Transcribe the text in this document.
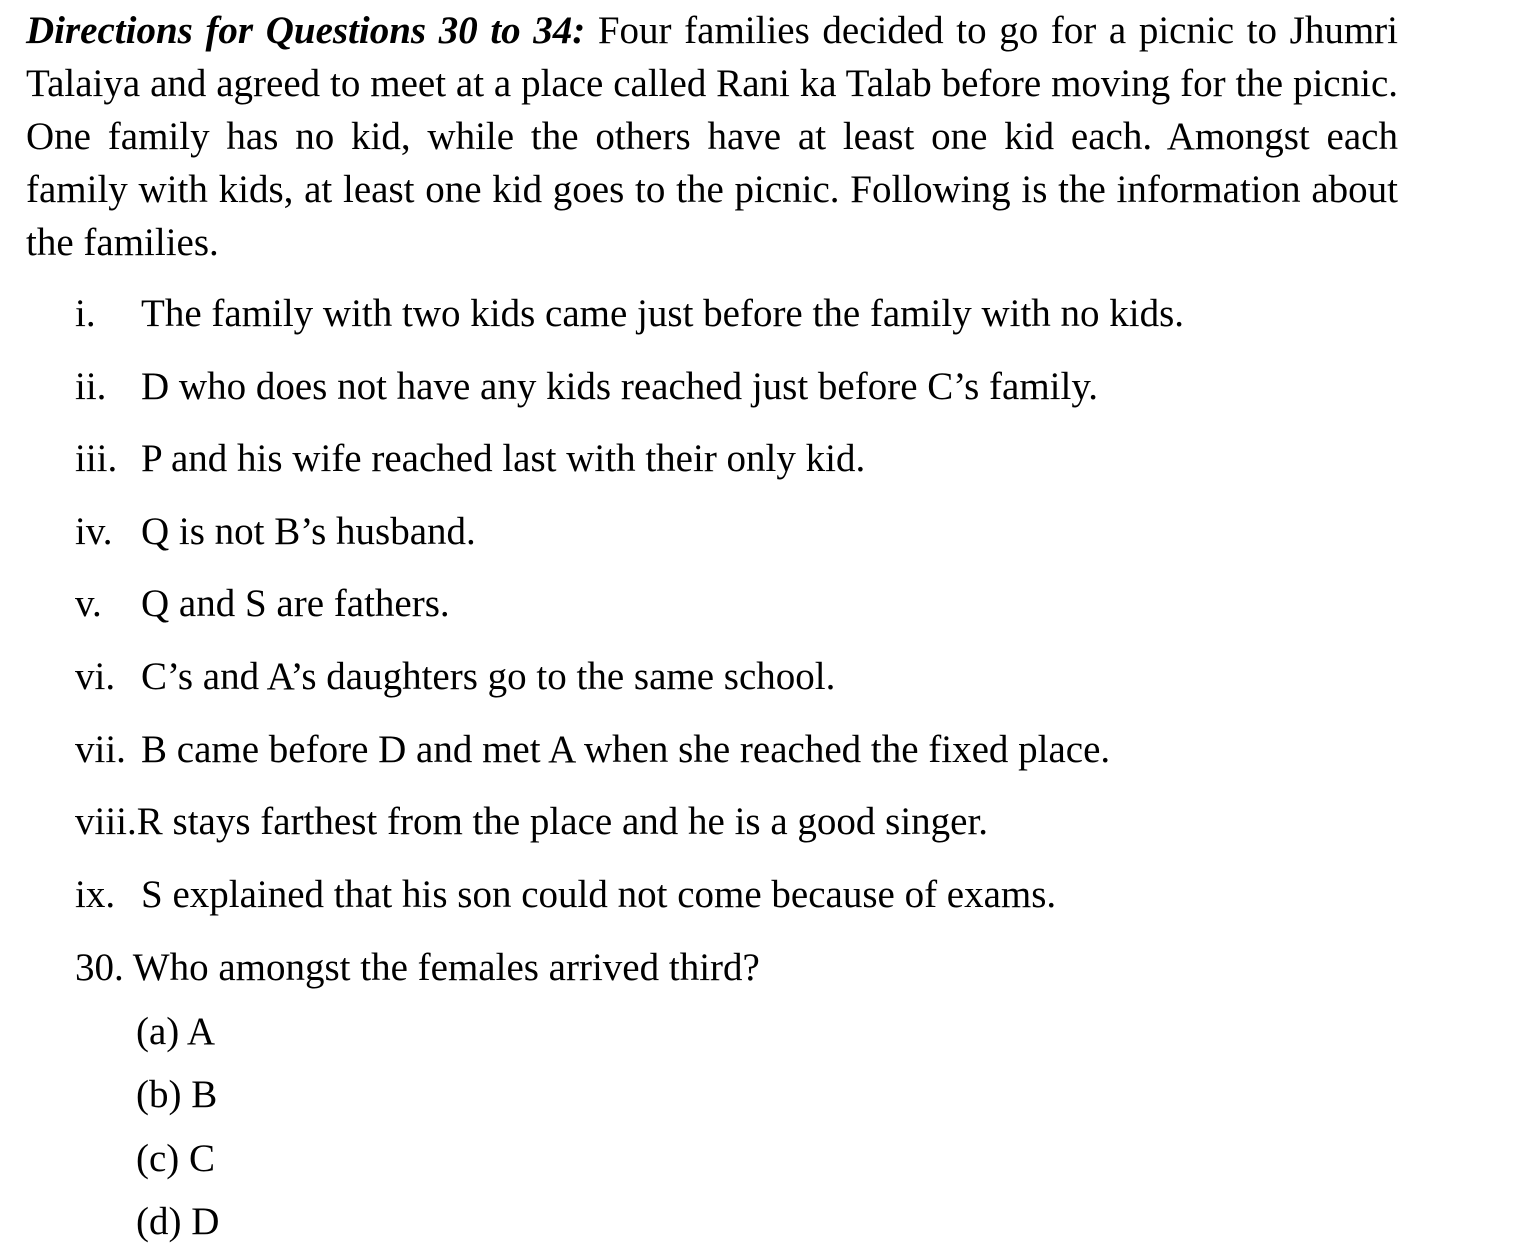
Directions for Questions 30 to 34: Four families decided to go for a picnic to Jhumri Talaiya and agreed to meet at a place called Rani ka Talab before moving for the picnic. One family has no kid, while the others have at least one kid each. Amongst each family with kids, at least one kid goes to the picnic. Following is the information about the families.
i. The family with two kids came just before the family with no kids.
ii. D who does not have any kids reached just before C’s family.
iii. P and his wife reached last with their only kid.
iv. Q is not B’s husband.
v. Q and S are fathers.
vi. C’s and A’s daughters go to the same school.
vii. B came before D and met A when she reached the fixed place.
viii.R stays farthest from the place and he is a good singer.
ix. S explained that his son could not come because of exams.
30. Who amongst the females arrived third?
(a) A
(b) B
(c) C
(d) D
